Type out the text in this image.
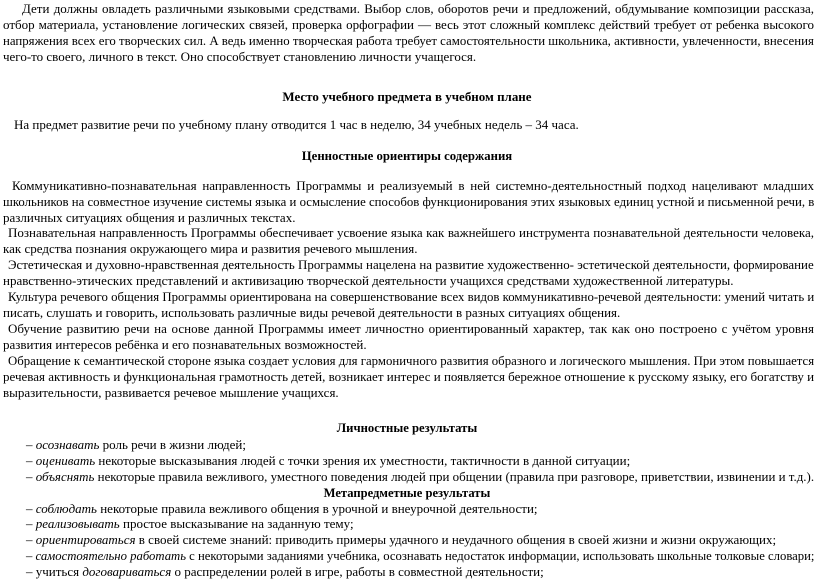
Дети должны овладеть различными языковыми средствами. Выбор слов, оборотов речи и предложений, обдумывание композиции рассказа,
отбор материала, установление логических связей, проверка орфографии — весь этот сложный комплекс действий требует от ребенка высокого
напряжения всех его творческих сил. А ведь именно творческая работа требует самостоятельности школьника, активности, увлеченности, внесения
чего-то своего, личного в текст. Оно способствует становлению личности учащегося.
Место учебного предмета в учебном плане
На предмет развитие речи по учебному плану отводится 1 час в неделю, 34 учебных недель – 34 часа.
Ценностные ориентиры содержания
Коммуникативно-познавательная направленность Программы и реализуемый в ней системно-деятельностный подход нацеливают младших
школьников на совместное изучение системы языка и осмысление способов функционирования этих языковых единиц устной и письменной речи, в
различных ситуациях общения и различных текстах.
Познавательная направленность Программы обеспечивает усвоение языка как важнейшего инструмента познавательной деятельности человека,
как средства познания окружающего мира и развития речевого мышления.
Эстетическая и духовно-нравственная деятельность Программы нацелена на развитие художественно- эстетической деятельности, формирование
нравственно-этических представлений и активизацию творческой деятельности учащихся средствами художественной литературы.
Культура речевого общения Программы ориентирована на совершенствование всех видов коммуникативно-речевой деятельности: умений читать и
писать, слушать и говорить, использовать различные виды речевой деятельности в разных ситуациях общения.
Обучение развитию речи на основе данной Программы имеет личностно ориентированный характер, так как оно построено с учётом уровня
развития интересов ребёнка и его познавательных возможностей.
Обращение к семантической стороне языка создает условия для гармоничного развития образного и логического мышления. При этом повышается
речевая активность и функциональная грамотность детей, возникает интерес и появляется бережное отношение к русскому языку, его богатству и
выразительности, развивается речевое мышление учащихся.
Личностные результаты
– осознавать роль речи в жизни людей;
– оценивать некоторые высказывания людей с точки зрения их уместности, тактичности в данной ситуации;
– объяснять некоторые правила вежливого, уместного поведения людей при общении (правила при разговоре, приветствии, извинении и т.д.).
Метапредметные результаты
– соблюдать некоторые правила вежливого общения в урочной и внеурочной деятельности;
– реализовывать простое высказывание на заданную тему;
– ориентироваться в своей системе знаний: приводить примеры удачного и неудачного общения в своей жизни и жизни окружающих;
– самостоятельно работать с некоторыми заданиями учебника, осознавать недостаток информации, использовать школьные толковые словари;
– учиться договариваться о распределении ролей в игре, работы в совместной деятельности;
